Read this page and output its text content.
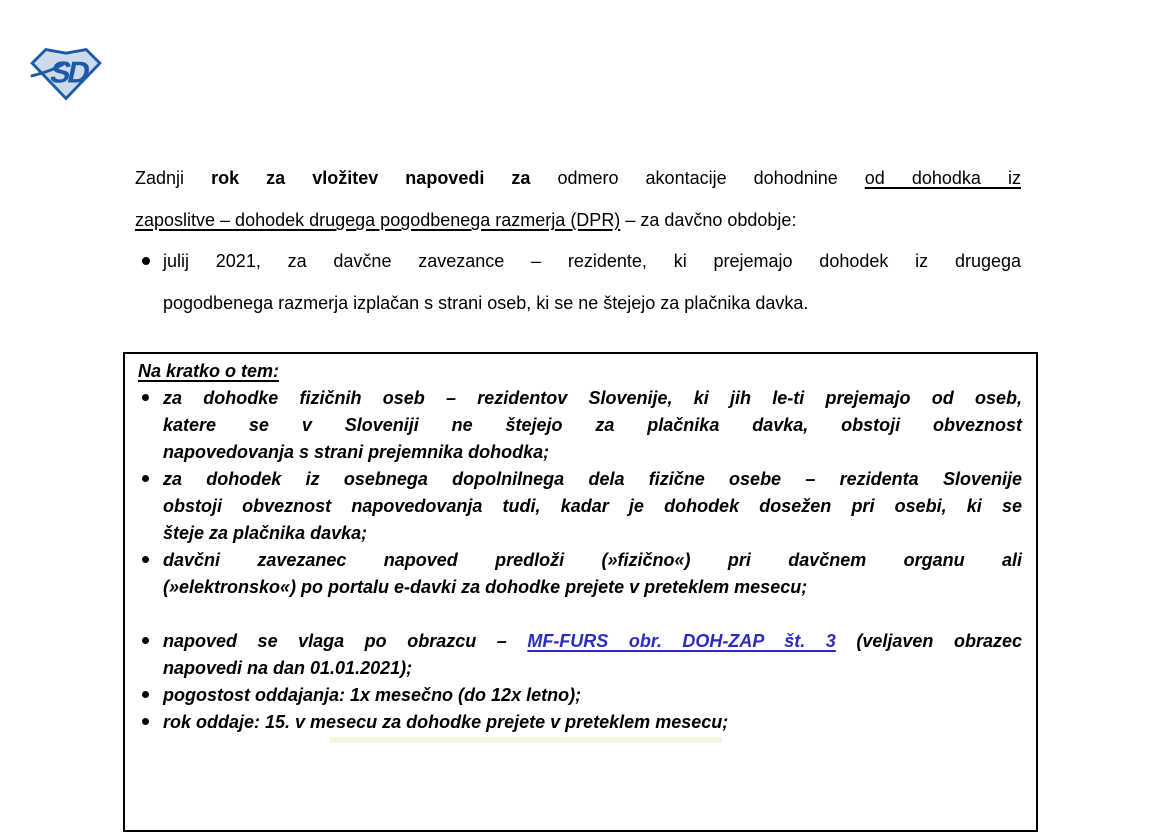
SD
Zadnji rok za vložitev napovedi za odmero akontacije dohodnine od dohodka iz
zaposlitve – dohodek drugega pogodbenega razmerja (DPR) – za davčno obdobje:
julij 2021, za davčne zavezance – rezidente, ki prejemajo dohodek iz drugega
pogodbenega razmerja izplačan s strani oseb, ki se ne štejejo za plačnika davka.
Na kratko o tem:
za dohodke fizičnih oseb – rezidentov Slovenije, ki jih le-ti prejemajo od oseb,
katere se v Sloveniji ne štejejo za plačnika davka, obstoji obveznost
napovedovanja s strani prejemnika dohodka;
za dohodek iz osebnega dopolnilnega dela fizične osebe – rezidenta Slovenije
obstoji obveznost napovedovanja tudi, kadar je dohodek dosežen pri osebi, ki se
šteje za plačnika davka;
davčni zavezanec napoved predloži (»fizično«) pri davčnem organu ali
(»elektronsko«) po portalu e-davki za dohodke prejete v preteklem mesecu;
napoved se vlaga po obrazcu – MF-FURS obr. DOH-ZAP št. 3 (veljaven obrazec
napovedi na dan 01.01.2021);
pogostost oddajanja: 1x mesečno (do 12x letno);
rok oddaje: 15. v mesecu za dohodke prejete v preteklem mesecu;
